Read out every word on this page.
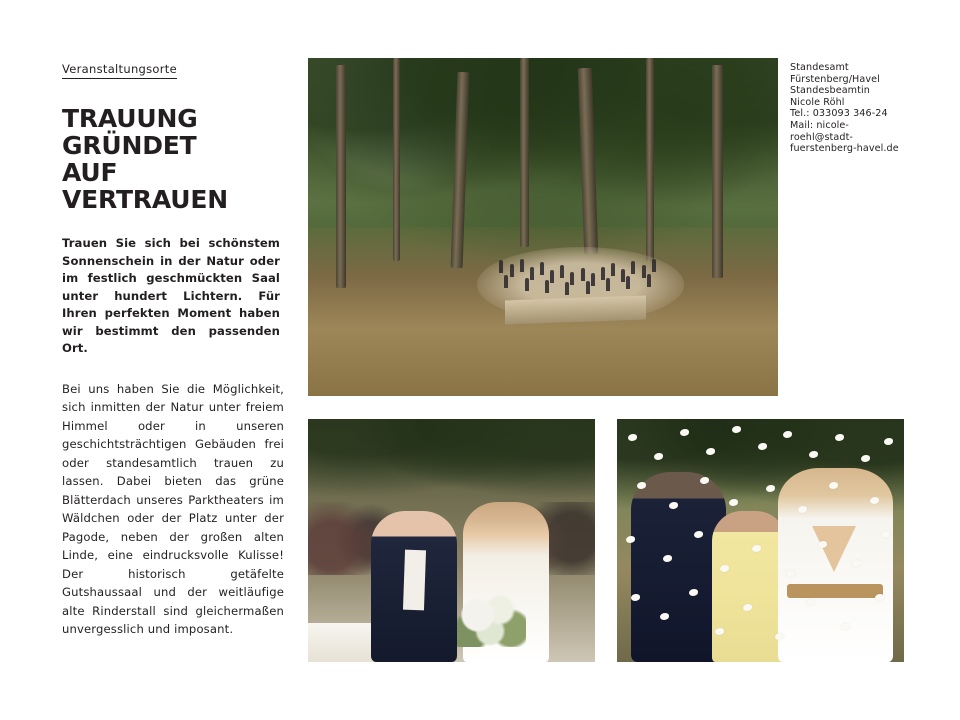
Veranstaltungsorte
TRAUUNG GRÜNDET
AUF VERTRAUEN
Trauen Sie sich bei schönstem Sonnenschein in der Natur oder im festlich geschmückten Saal unter hundert Lichtern. Für Ihren perfekten Moment haben wir bestimmt den passenden Ort.
Bei uns haben Sie die Möglichkeit, sich inmitten der Natur unter freiem Himmel oder in unseren geschichtsträchtigen Gebäuden frei oder standesamtlich trauen zu lassen. Dabei bieten das grüne Blätterdach unseres Parktheaters im Wäldchen oder der Platz unter der Pagode, neben der großen alten Linde, eine eindrucksvolle Kulisse! Der historisch getäfelte Gutshaussaal und der weitläufige alte Rinderstall sind gleichermaßen unvergesslich und imposant.
Standesamt
Fürstenberg/Havel
Standesbeamtin
Nicole Röhl
Tel.: 033093 346-24
Mail: nicole-roehl@stadt-fuerstenberg-havel.de
